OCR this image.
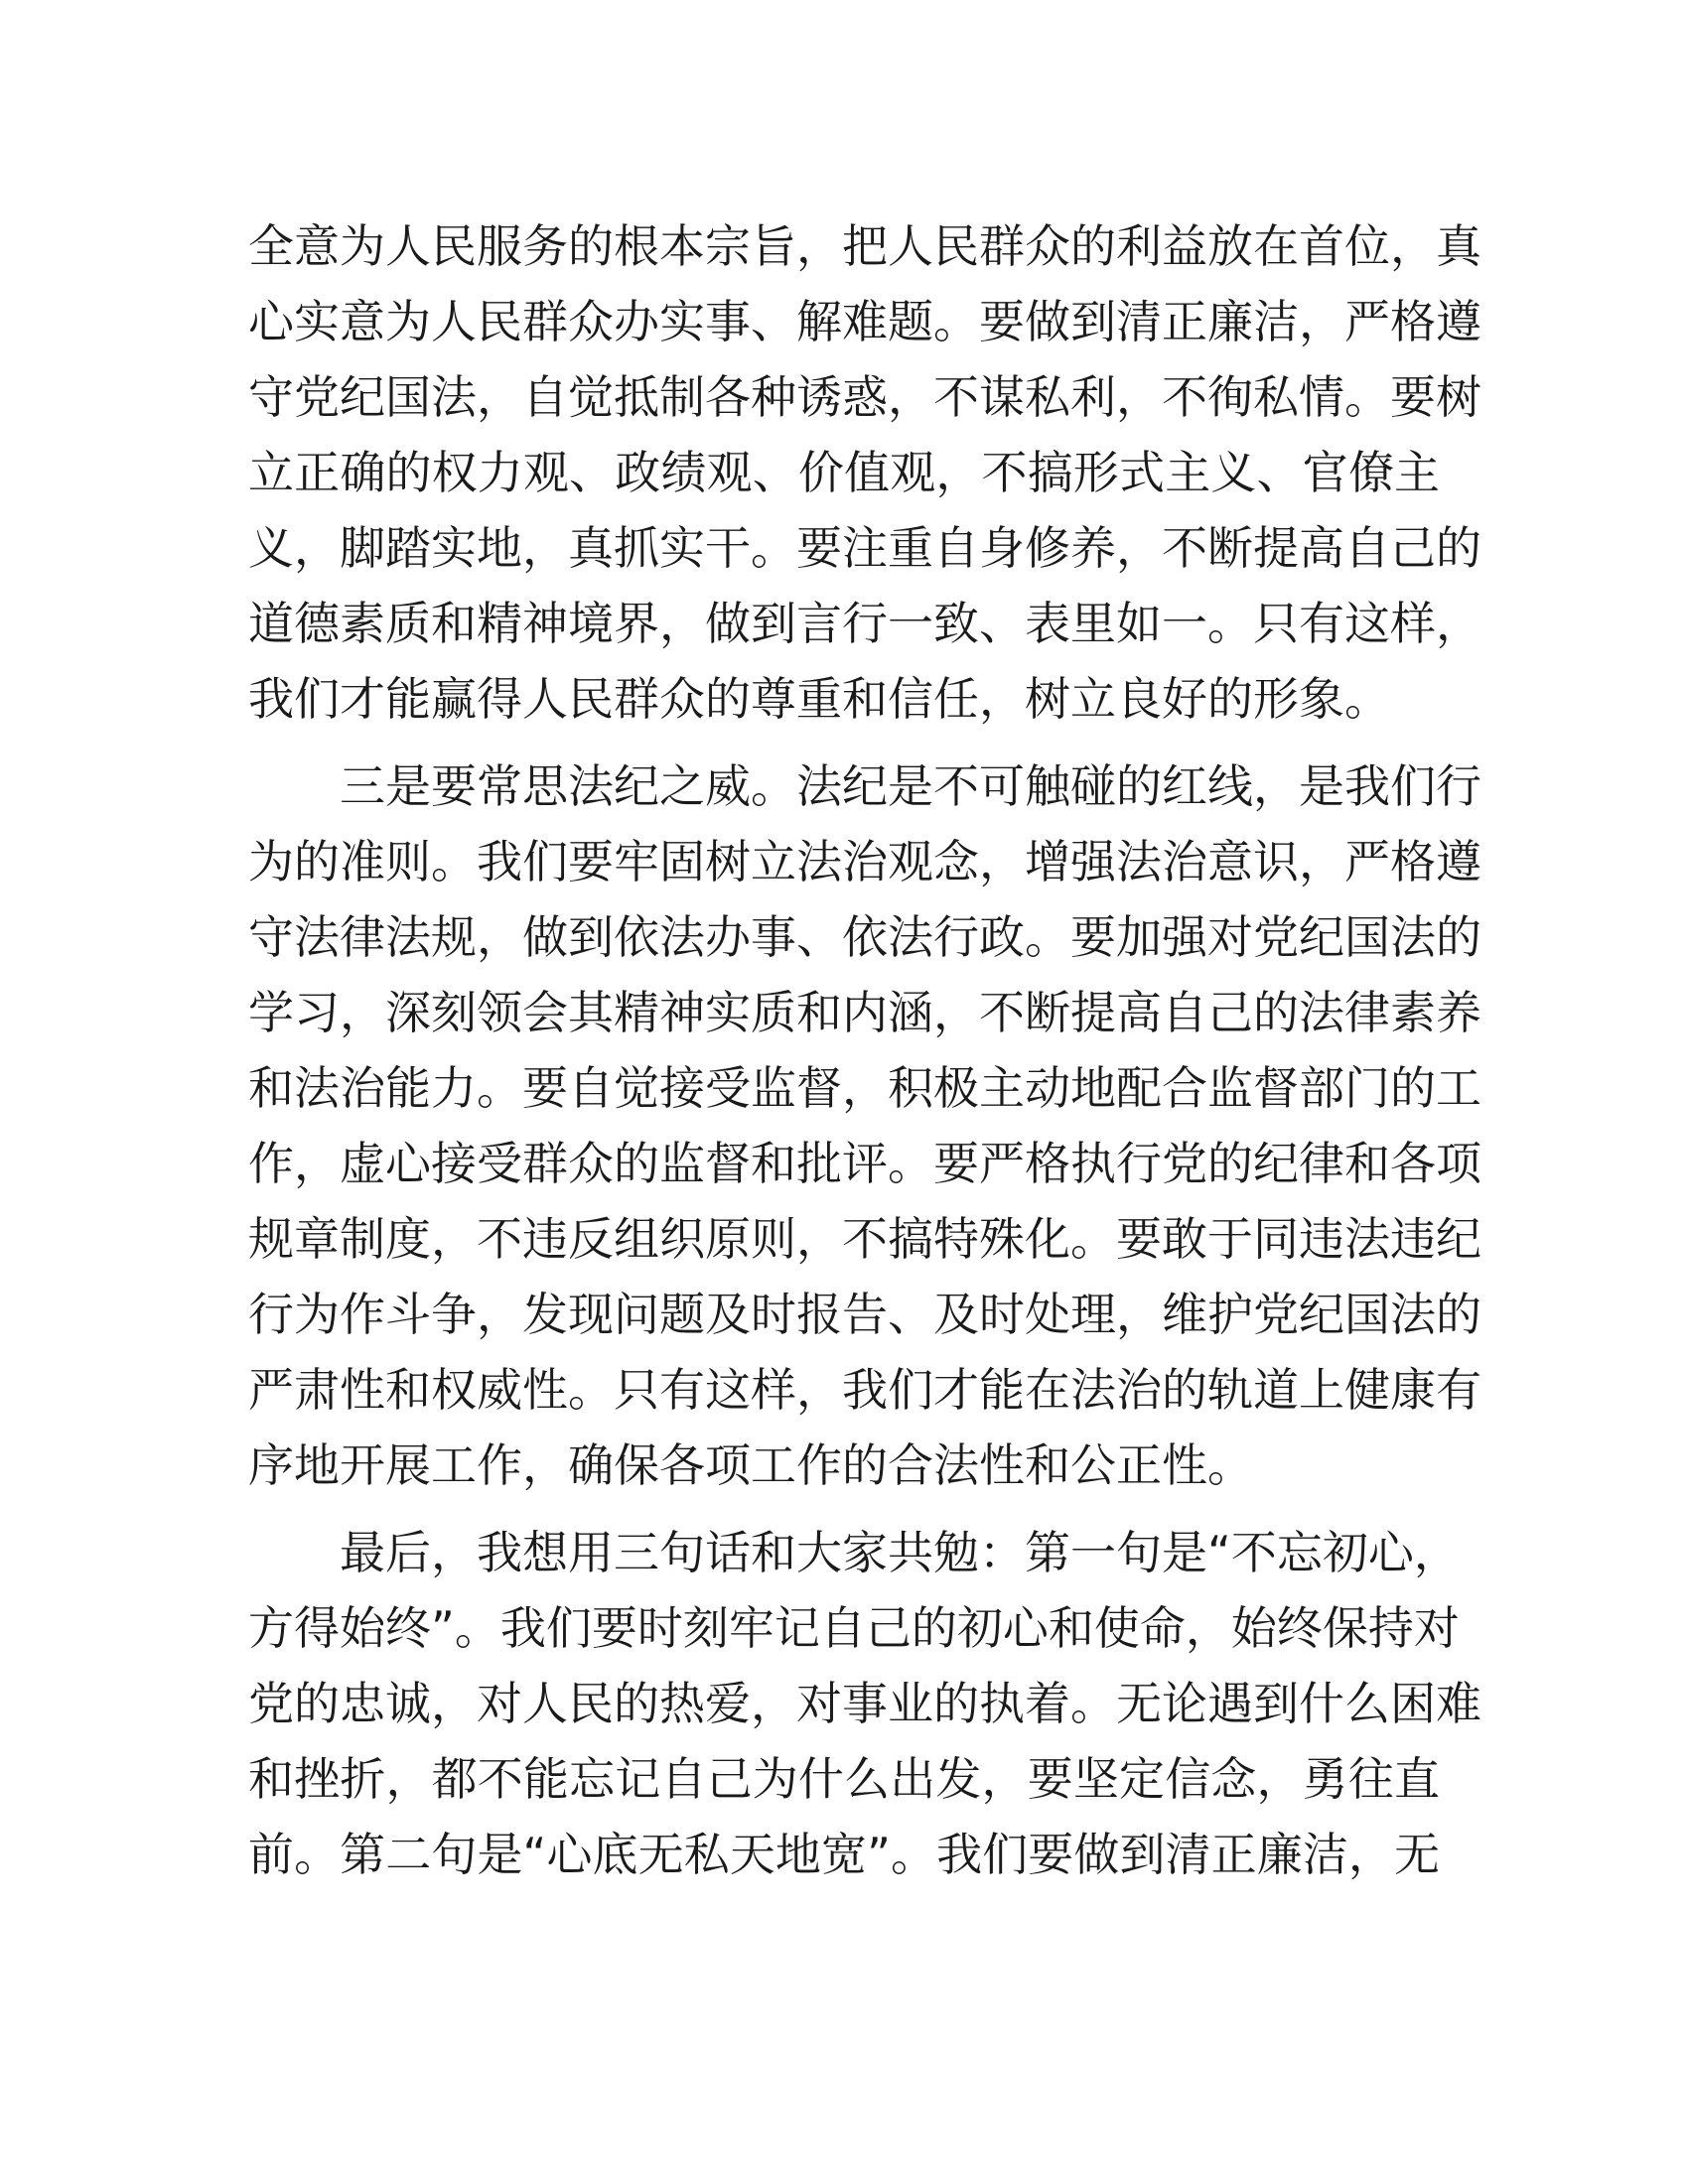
全意为人民服务的根本宗旨，把人民群众的利益放在首位，真
心实意为人民群众办实事、解难题。要做到清正廉洁，严格遵
守党纪国法，自觉抵制各种诱惑，不谋私利，不徇私情。要树
立正确的权力观、政绩观、价值观，不搞形式主义、官僚主
义，脚踏实地，真抓实干。要注重自身修养，不断提高自己的
道德素质和精神境界，做到言行一致、表里如一。只有这样，
我们才能赢得人民群众的尊重和信任，树立良好的形象。
三是要常思法纪之威。法纪是不可触碰的红线，是我们行
为的准则。我们要牢固树立法治观念，增强法治意识，严格遵
守法律法规，做到依法办事、依法行政。要加强对党纪国法的
学习，深刻领会其精神实质和内涵，不断提高自己的法律素养
和法治能力。要自觉接受监督，积极主动地配合监督部门的工
作，虚心接受群众的监督和批评。要严格执行党的纪律和各项
规章制度，不违反组织原则，不搞特殊化。要敢于同违法违纪
行为作斗争，发现问题及时报告、及时处理，维护党纪国法的
严肃性和权威性。只有这样，我们才能在法治的轨道上健康有
序地开展工作，确保各项工作的合法性和公正性。
最后，我想用三句话和大家共勉：第一句是“不忘初心，
方得始终”。我们要时刻牢记自己的初心和使命，始终保持对
党的忠诚，对人民的热爱，对事业的执着。无论遇到什么困难
和挫折，都不能忘记自己为什么出发，要坚定信念，勇往直
前。第二句是“心底无私天地宽”。我们要做到清正廉洁，无
